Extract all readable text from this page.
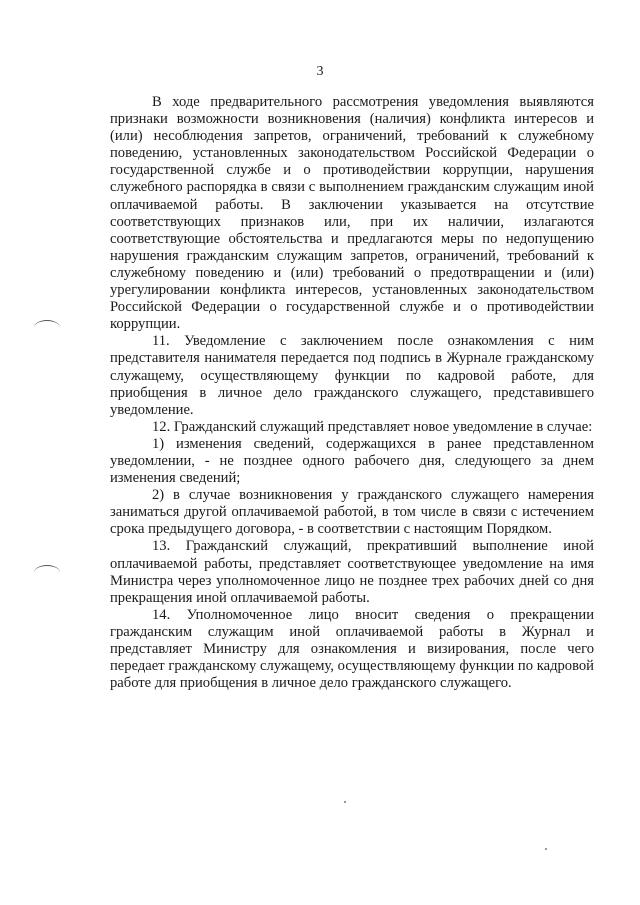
3

В ходе предварительного рассмотрения уведомления выявляются признаки возможности возникновения (наличия) конфликта интересов и (или) несоблюдения запретов, ограничений, требований к служебному поведению, установленных законодательством Российской Федерации о государственной службе и о противодействии коррупции, нарушения служебного распорядка в связи с выполнением гражданским служащим иной оплачиваемой работы. В заключении указывается на отсутствие соответствующих признаков или, при их наличии, излагаются соответствующие обстоятельства и предлагаются меры по недопущению нарушения гражданским служащим запретов, ограничений, требований к служебному поведению и (или) требований о предотвращении и (или) урегулировании конфликта интересов, установленных законодательством Российской Федерации о государственной службе и о противодействии коррупции.

11. Уведомление с заключением после ознакомления с ним представителя нанимателя передается под подпись в Журнале гражданскому служащему, осуществляющему функции по кадровой работе, для приобщения в личное дело гражданского служащего, представившего уведомление.

12. Гражданский служащий представляет новое уведомление в случае:

1) изменения сведений, содержащихся в ранее представленном уведомлении, - не позднее одного рабочего дня, следующего за днем изменения сведений;

2) в случае возникновения у гражданского служащего намерения заниматься другой оплачиваемой работой, в том числе в связи с истечением срока предыдущего договора, - в соответствии с настоящим Порядком.

13. Гражданский служащий, прекративший выполнение иной оплачиваемой работы, представляет соответствующее уведомление на имя Министра через уполномоченное лицо не позднее трех рабочих дней со дня прекращения иной оплачиваемой работы.

14. Уполномоченное лицо вносит сведения о прекращении гражданским служащим иной оплачиваемой работы в Журнал и представляет Министру для ознакомления и визирования, после чего передает гражданскому служащему, осуществляющему функции по кадровой работе для приобщения в личное дело гражданского служащего.
